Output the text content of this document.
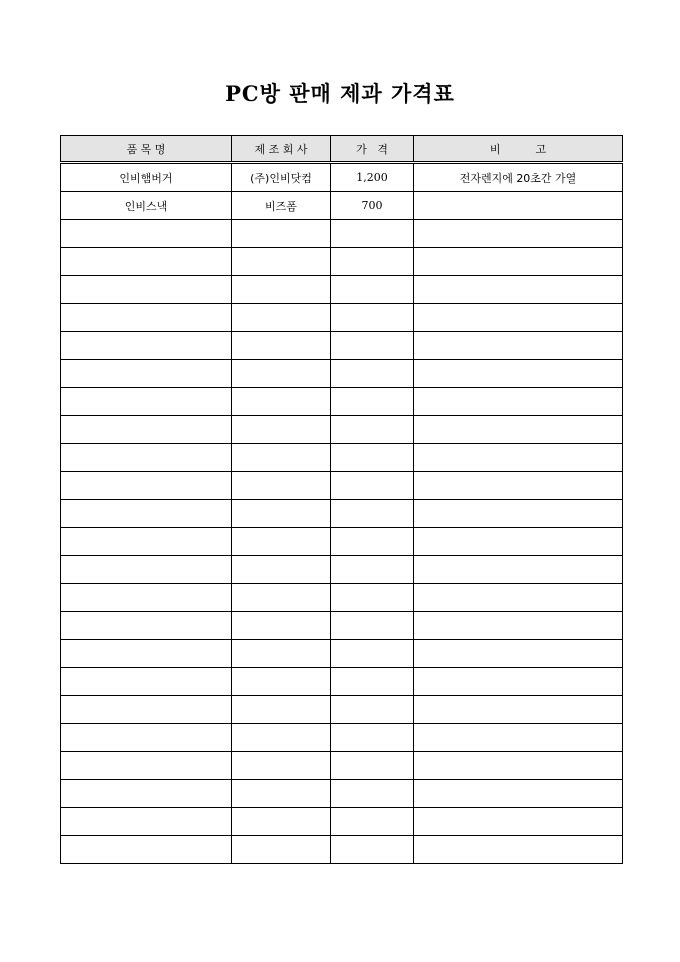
PC방 판매 제과 가격표
품 목 명	제 조 회 사	가   격	비          고
인비햄버거	(주)인비닷컴	1,200	전자렌지에 20초간 가열
인비스낵	비즈폼	700	
